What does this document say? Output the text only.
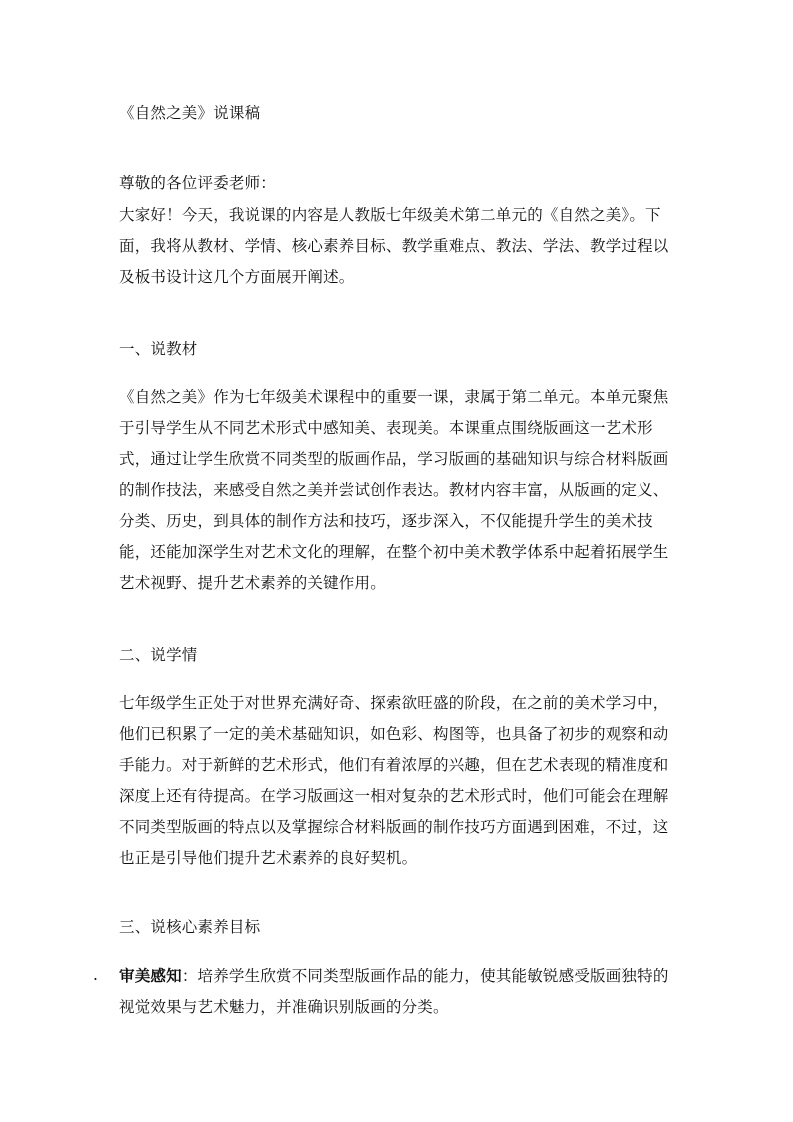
《自然之美》说课稿

尊敬的各位评委老师：

大家好！今天，我说课的内容是人教版七年级美术第二单元的《自然之美》。下面，我将从教材、学情、核心素养目标、教学重难点、教法、学法、教学过程以及板书设计这几个方面展开阐述。

一、说教材

《自然之美》作为七年级美术课程中的重要一课，隶属于第二单元。本单元聚焦于引导学生从不同艺术形式中感知美、表现美。本课重点围绕版画这一艺术形式，通过让学生欣赏不同类型的版画作品，学习版画的基础知识与综合材料版画的制作技法，来感受自然之美并尝试创作表达。教材内容丰富，从版画的定义、分类、历史，到具体的制作方法和技巧，逐步深入，不仅能提升学生的美术技能，还能加深学生对艺术文化的理解，在整个初中美术教学体系中起着拓展学生艺术视野、提升艺术素养的关键作用。

二、说学情

七年级学生正处于对世界充满好奇、探索欲旺盛的阶段，在之前的美术学习中，他们已积累了一定的美术基础知识，如色彩、构图等，也具备了初步的观察和动手能力。对于新鲜的艺术形式，他们有着浓厚的兴趣，但在艺术表现的精准度和深度上还有待提高。在学习版画这一相对复杂的艺术形式时，他们可能会在理解不同类型版画的特点以及掌握综合材料版画的制作技巧方面遇到困难，不过，这也正是引导他们提升艺术素养的良好契机。

三、说核心素养目标

. 审美感知：培养学生欣赏不同类型版画作品的能力，使其能敏锐感受版画独特的视觉效果与艺术魅力，并准确识别版画的分类。
